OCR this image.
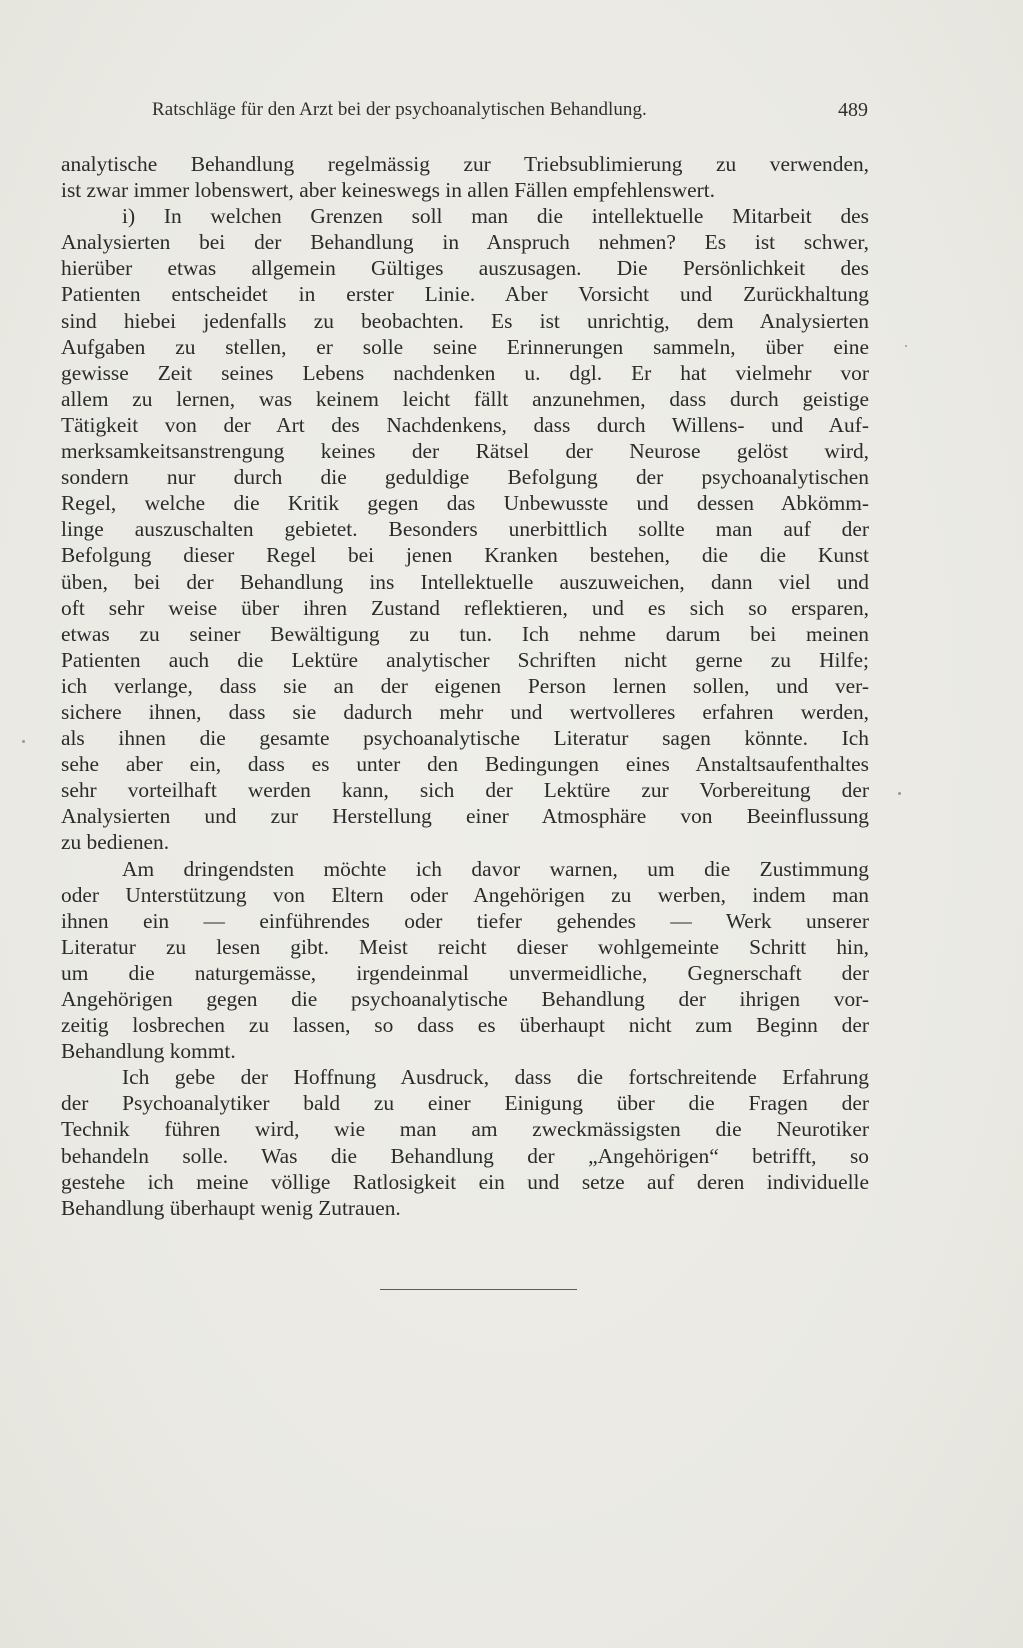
Ratschläge für den Arzt bei der psychoanalytischen Behandlung.	489
analytische Behandlung regelmässig zur Triebsublimierung zu verwenden,
ist zwar immer lobenswert, aber keineswegs in allen Fällen empfehlenswert.
i) In welchen Grenzen soll man die intellektuelle Mitarbeit des
Analysierten bei der Behandlung in Anspruch nehmen? Es ist schwer,
hierüber etwas allgemein Gültiges auszusagen. Die Persönlichkeit des
Patienten entscheidet in erster Linie. Aber Vorsicht und Zurückhaltung
sind hiebei jedenfalls zu beobachten. Es ist unrichtig, dem Analysierten
Aufgaben zu stellen, er solle seine Erinnerungen sammeln, über eine
gewisse Zeit seines Lebens nachdenken u. dgl. Er hat vielmehr vor
allem zu lernen, was keinem leicht fällt anzunehmen, dass durch geistige
Tätigkeit von der Art des Nachdenkens, dass durch Willens- und Auf-
merksamkeitsanstrengung keines der Rätsel der Neurose gelöst wird,
sondern nur durch die geduldige Befolgung der psychoanalytischen
Regel, welche die Kritik gegen das Unbewusste und dessen Abkömm-
linge auszuschalten gebietet. Besonders unerbittlich sollte man auf der
Befolgung dieser Regel bei jenen Kranken bestehen, die die Kunst
üben, bei der Behandlung ins Intellektuelle auszuweichen, dann viel und
oft sehr weise über ihren Zustand reflektieren, und es sich so ersparen,
etwas zu seiner Bewältigung zu tun. Ich nehme darum bei meinen
Patienten auch die Lektüre analytischer Schriften nicht gerne zu Hilfe;
ich verlange, dass sie an der eigenen Person lernen sollen, und ver-
sichere ihnen, dass sie dadurch mehr und wertvolleres erfahren werden,
als ihnen die gesamte psychoanalytische Literatur sagen könnte. Ich
sehe aber ein, dass es unter den Bedingungen eines Anstaltsaufenthaltes
sehr vorteilhaft werden kann, sich der Lektüre zur Vorbereitung der
Analysierten und zur Herstellung einer Atmosphäre von Beeinflussung
zu bedienen.
Am dringendsten möchte ich davor warnen, um die Zustimmung
oder Unterstützung von Eltern oder Angehörigen zu werben, indem man
ihnen ein — einführendes oder tiefer gehendes — Werk unserer
Literatur zu lesen gibt. Meist reicht dieser wohlgemeinte Schritt hin,
um die naturgemässe, irgendeinmal unvermeidliche, Gegnerschaft der
Angehörigen gegen die psychoanalytische Behandlung der ihrigen vor-
zeitig losbrechen zu lassen, so dass es überhaupt nicht zum Beginn der
Behandlung kommt.
Ich gebe der Hoffnung Ausdruck, dass die fortschreitende Erfahrung
der Psychoanalytiker bald zu einer Einigung über die Fragen der
Technik führen wird, wie man am zweckmässigsten die Neurotiker
behandeln solle. Was die Behandlung der „Angehörigen“ betrifft, so
gestehe ich meine völlige Ratlosigkeit ein und setze auf deren individuelle
Behandlung überhaupt wenig Zutrauen.
